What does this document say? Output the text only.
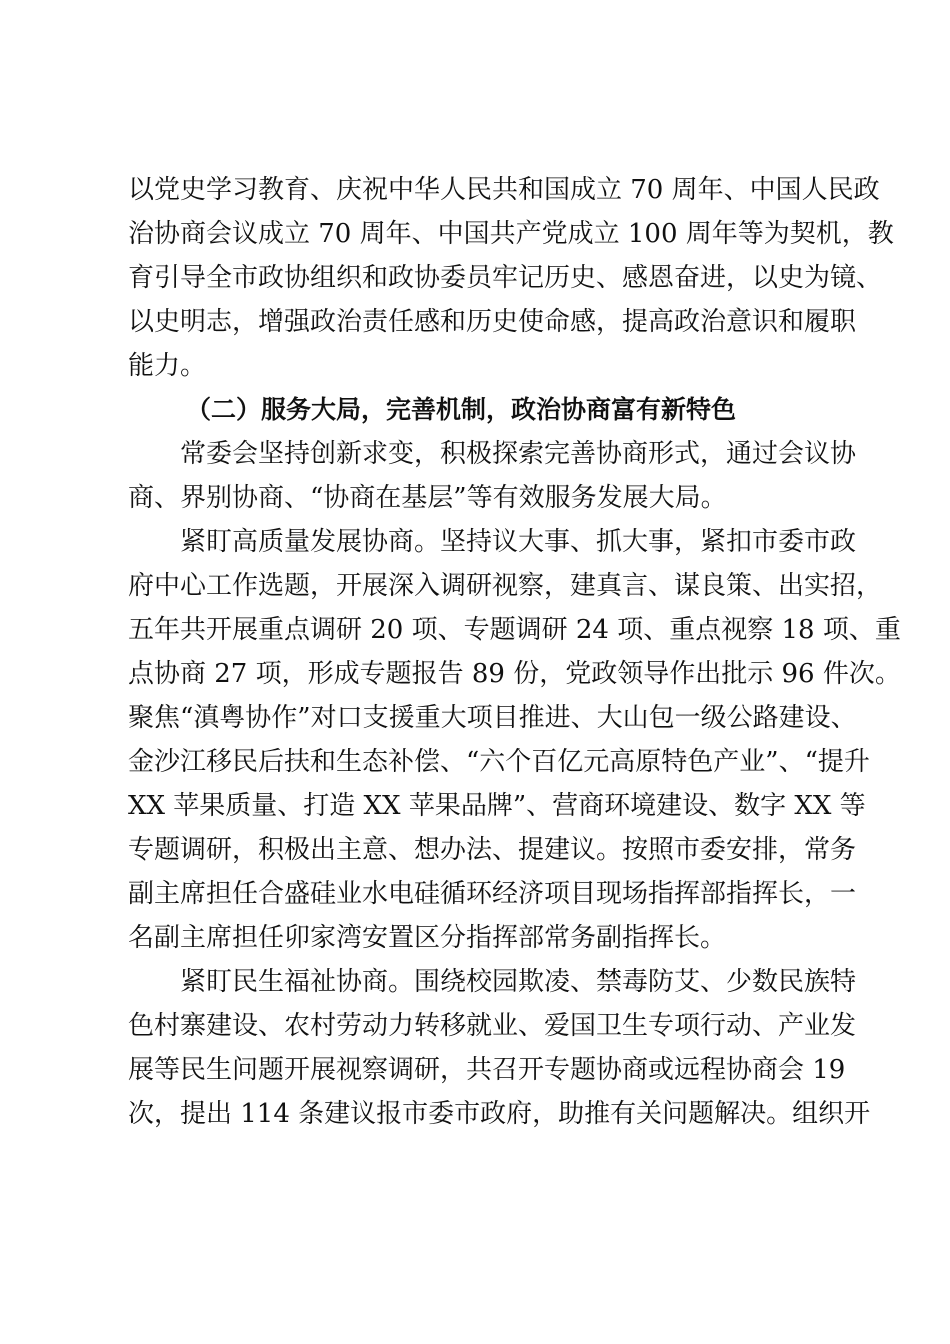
以党史学习教育、庆祝中华人民共和国成立 70 周年、中国人民政
治协商会议成立 70 周年、中国共产党成立 100 周年等为契机，教
育引导全市政协组织和政协委员牢记历史、感恩奋进，以史为镜、
以史明志，增强政治责任感和历史使命感，提高政治意识和履职
能力。
（二）服务大局，完善机制，政治协商富有新特色
常委会坚持创新求变，积极探索完善协商形式，通过会议协
商、界别协商、“协商在基层”等有效服务发展大局。
紧盯高质量发展协商。坚持议大事、抓大事，紧扣市委市政
府中心工作选题，开展深入调研视察，建真言、谋良策、出实招，
五年共开展重点调研 20 项、专题调研 24 项、重点视察 18 项、重
点协商 27 项，形成专题报告 89 份，党政领导作出批示 96 件次。
聚焦“滇粤协作”对口支援重大项目推进、大山包一级公路建设、
金沙江移民后扶和生态补偿、“六个百亿元高原特色产业”、“提升
XX 苹果质量、打造 XX 苹果品牌”、营商环境建设、数字 XX 等
专题调研，积极出主意、想办法、提建议。按照市委安排，常务
副主席担任合盛硅业水电硅循环经济项目现场指挥部指挥长，一
名副主席担任卯家湾安置区分指挥部常务副指挥长。
紧盯民生福祉协商。围绕校园欺凌、禁毒防艾、少数民族特
色村寨建设、农村劳动力转移就业、爱国卫生专项行动、产业发
展等民生问题开展视察调研，共召开专题协商或远程协商会 19
次，提出 114 条建议报市委市政府，助推有关问题解决。组织开
